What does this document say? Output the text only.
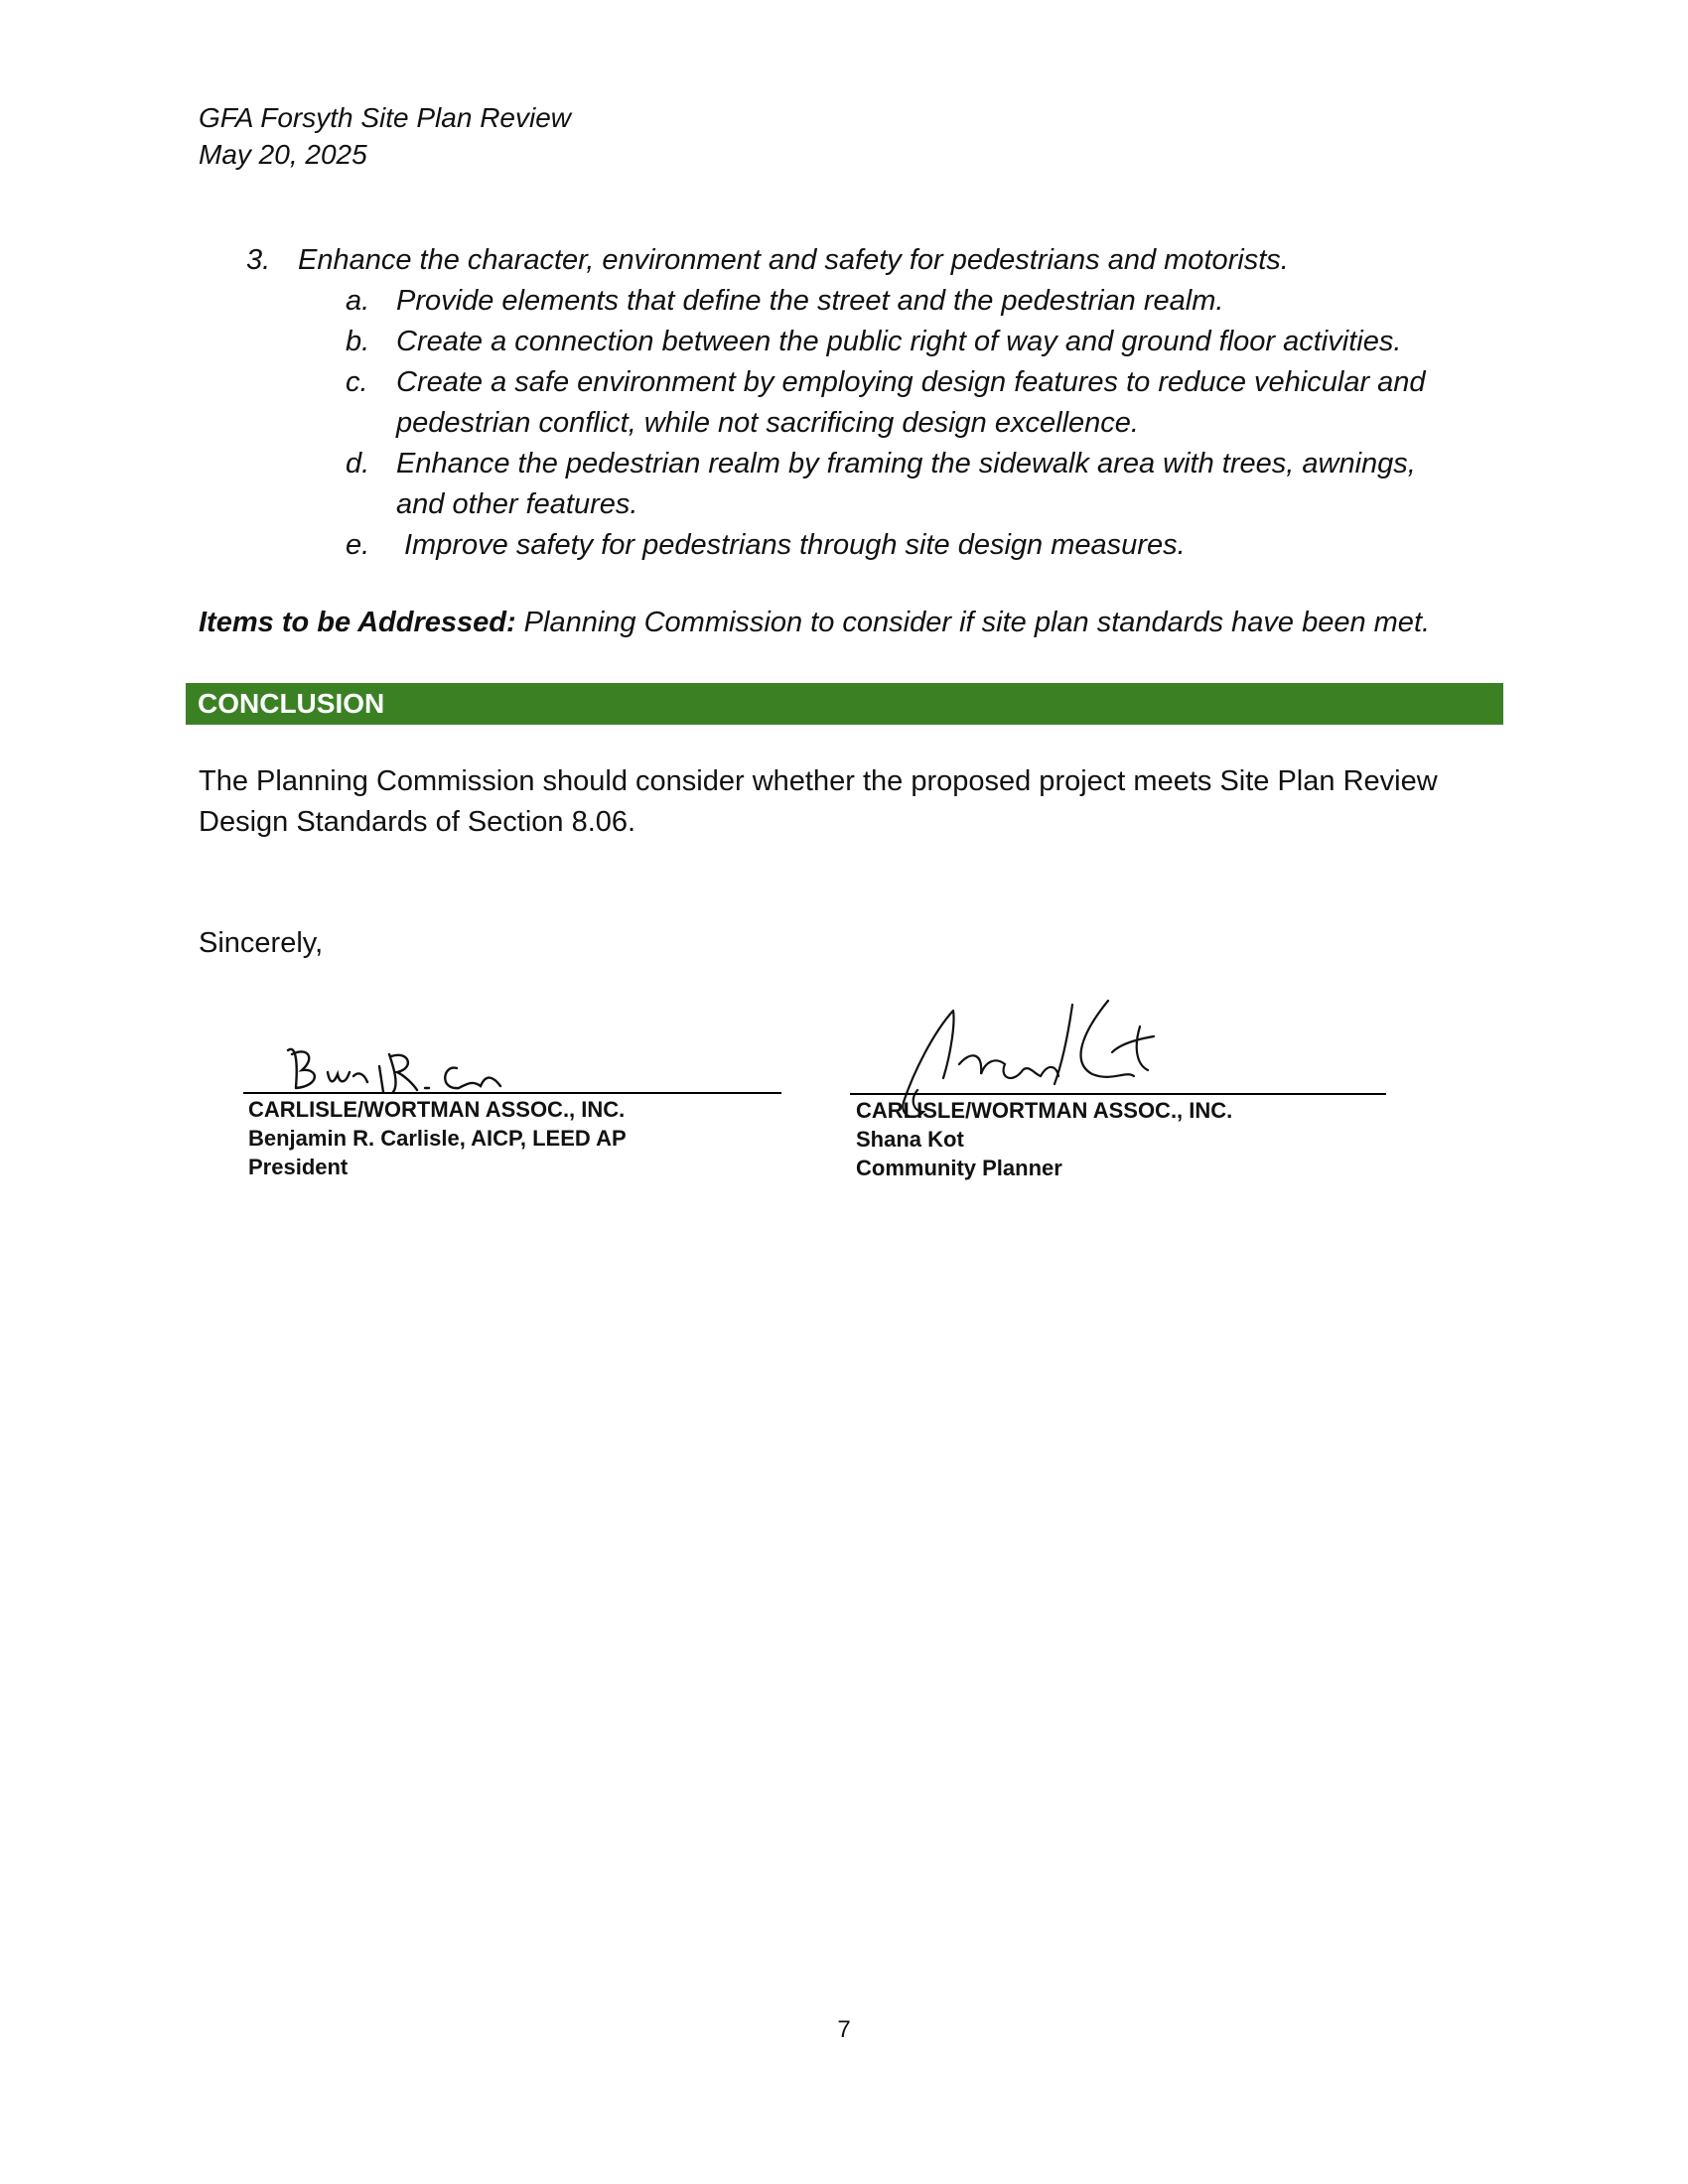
GFA Forsyth Site Plan Review
May 20, 2025
3. Enhance the character, environment and safety for pedestrians and motorists.
a. Provide elements that define the street and the pedestrian realm.
b. Create a connection between the public right of way and ground floor activities.
c. Create a safe environment by employing design features to reduce vehicular and
pedestrian conflict, while not sacrificing design excellence.
d. Enhance the pedestrian realm by framing the sidewalk area with trees, awnings,
and other features.
e. Improve safety for pedestrians through site design measures.
Items to be Addressed: Planning Commission to consider if site plan standards have been met.
CONCLUSION
The Planning Commission should consider whether the proposed project meets Site Plan Review
Design Standards of Section 8.06.
Sincerely,
CARLISLE/WORTMAN ASSOC., INC.
Benjamin R. Carlisle, AICP, LEED AP
President
CARLISLE/WORTMAN ASSOC., INC.
Shana Kot
Community Planner
7
